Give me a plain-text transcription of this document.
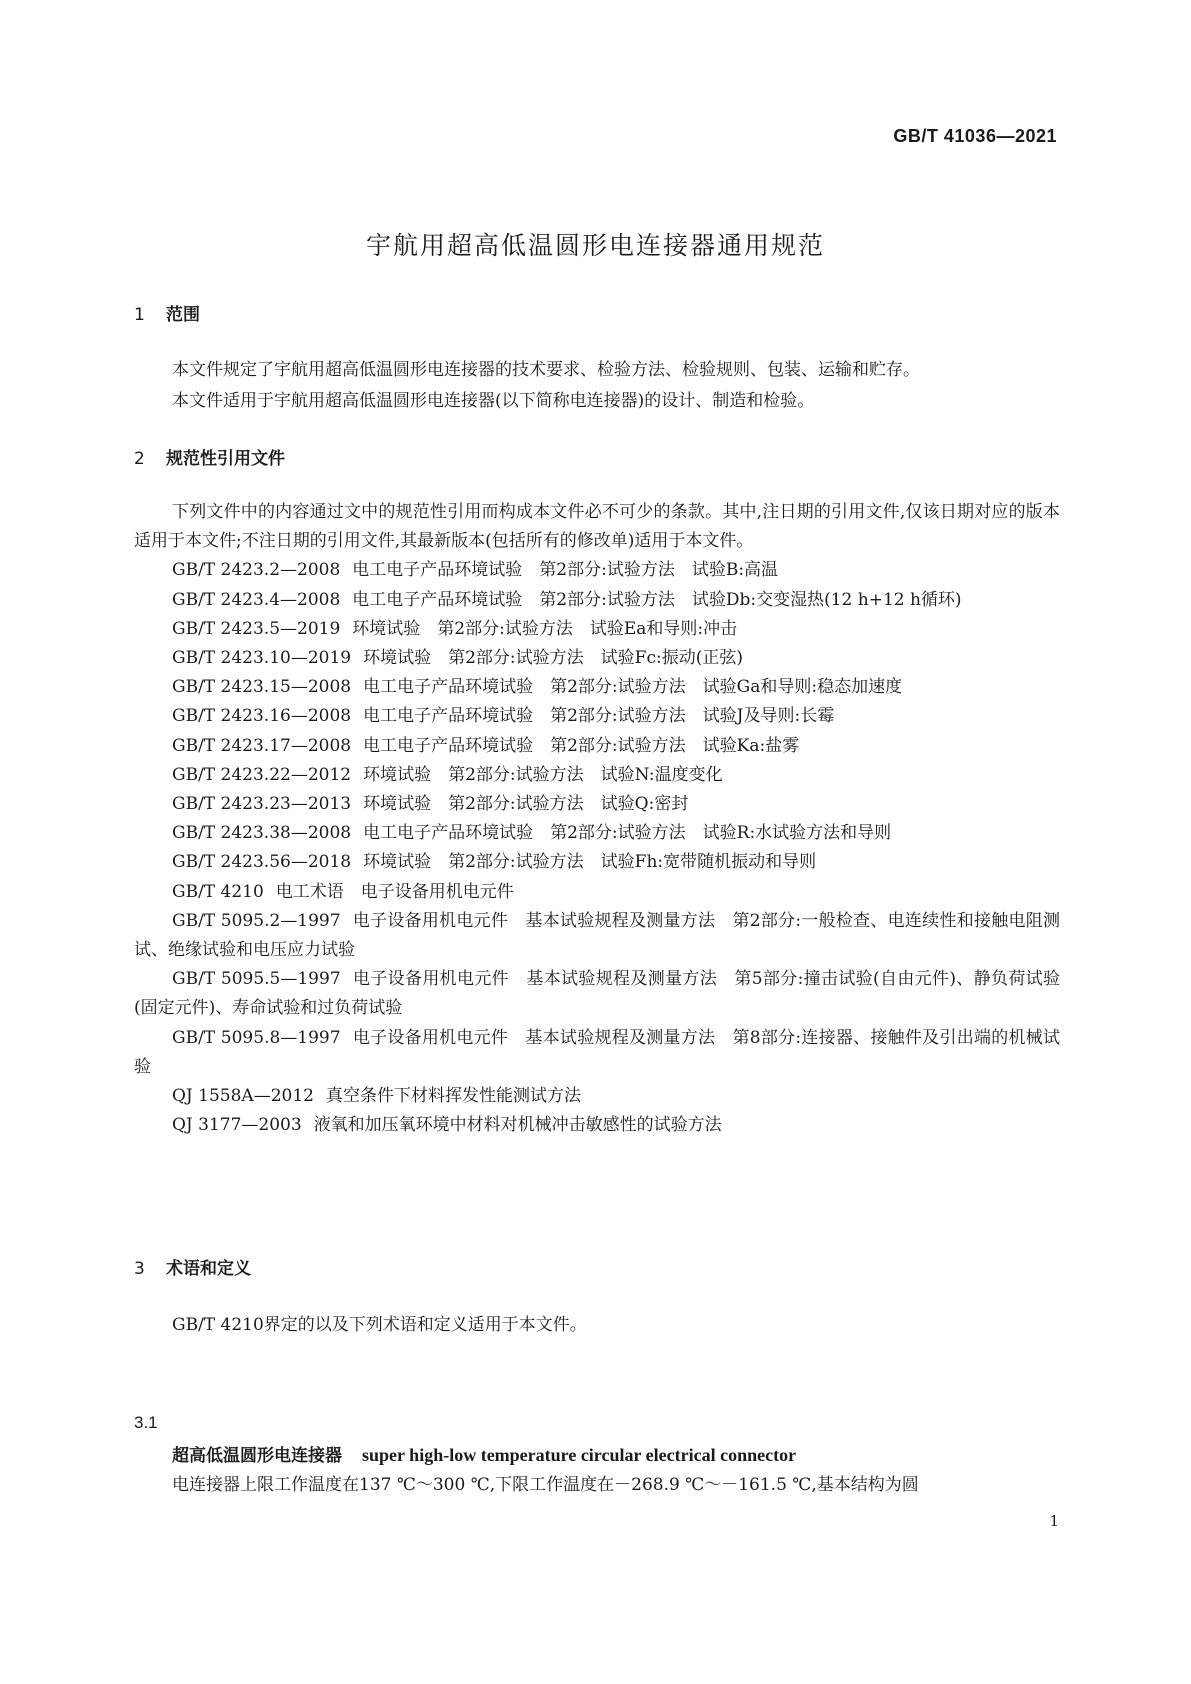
GB/T 41036—2021
宇航用超高低温圆形电连接器通用规范
1 范围

本文件规定了宇航用超高低温圆形电连接器的技术要求、检验方法、检验规则、包装、运输和贮存。

本文件适用于宇航用超高低温圆形电连接器(以下简称电连接器)的设计、制造和检验。

2 规范性引用文件

下列文件中的内容通过文中的规范性引用而构成本文件必不可少的条款。其中,注日期的引用文件,仅该日期对应的版本适用于本文件;不注日期的引用文件,其最新版本(包括所有的修改单)适用于本文件。

GB/T 2423.2—2008 电工电子产品环境试验　第2部分:试验方法　试验B:高温

GB/T 2423.4—2008 电工电子产品环境试验　第2部分:试验方法　试验Db:交变湿热(12 h+12 h循环)

GB/T 2423.5—2019 环境试验　第2部分:试验方法　试验Ea和导则:冲击

GB/T 2423.10—2019 环境试验　第2部分:试验方法　试验Fc:振动(正弦)

GB/T 2423.15—2008 电工电子产品环境试验　第2部分:试验方法　试验Ga和导则:稳态加速度

GB/T 2423.16—2008 电工电子产品环境试验　第2部分:试验方法　试验J及导则:长霉

GB/T 2423.17—2008 电工电子产品环境试验　第2部分:试验方法　试验Ka:盐雾

GB/T 2423.22—2012 环境试验　第2部分:试验方法　试验N:温度变化

GB/T 2423.23—2013 环境试验　第2部分:试验方法　试验Q:密封

GB/T 2423.38—2008 电工电子产品环境试验　第2部分:试验方法　试验R:水试验方法和导则

GB/T 2423.56—2018 环境试验　第2部分:试验方法　试验Fh:宽带随机振动和导则

GB/T 4210 电工术语　电子设备用机电元件

GB/T 5095.2—1997 电子设备用机电元件　基本试验规程及测量方法　第2部分:一般检查、电连续性和接触电阻测试、绝缘试验和电压应力试验

GB/T 5095.5—1997 电子设备用机电元件　基本试验规程及测量方法　第5部分:撞击试验(自由元件)、静负荷试验(固定元件)、寿命试验和过负荷试验

GB/T 5095.8—1997 电子设备用机电元件　基本试验规程及测量方法　第8部分:连接器、接触件及引出端的机械试验

QJ 1558A—2012 真空条件下材料挥发性能测试方法

QJ 3177—2003 液氧和加压氧环境中材料对机械冲击敏感性的试验方法

3 术语和定义

GB/T 4210界定的以及下列术语和定义适用于本文件。

3.1
超高低温圆形电连接器 super high-low temperature circular electrical connector
电连接器上限工作温度在137 ℃～300 ℃,下限工作温度在－268.9 ℃～－161.5 ℃,基本结构为圆
1
